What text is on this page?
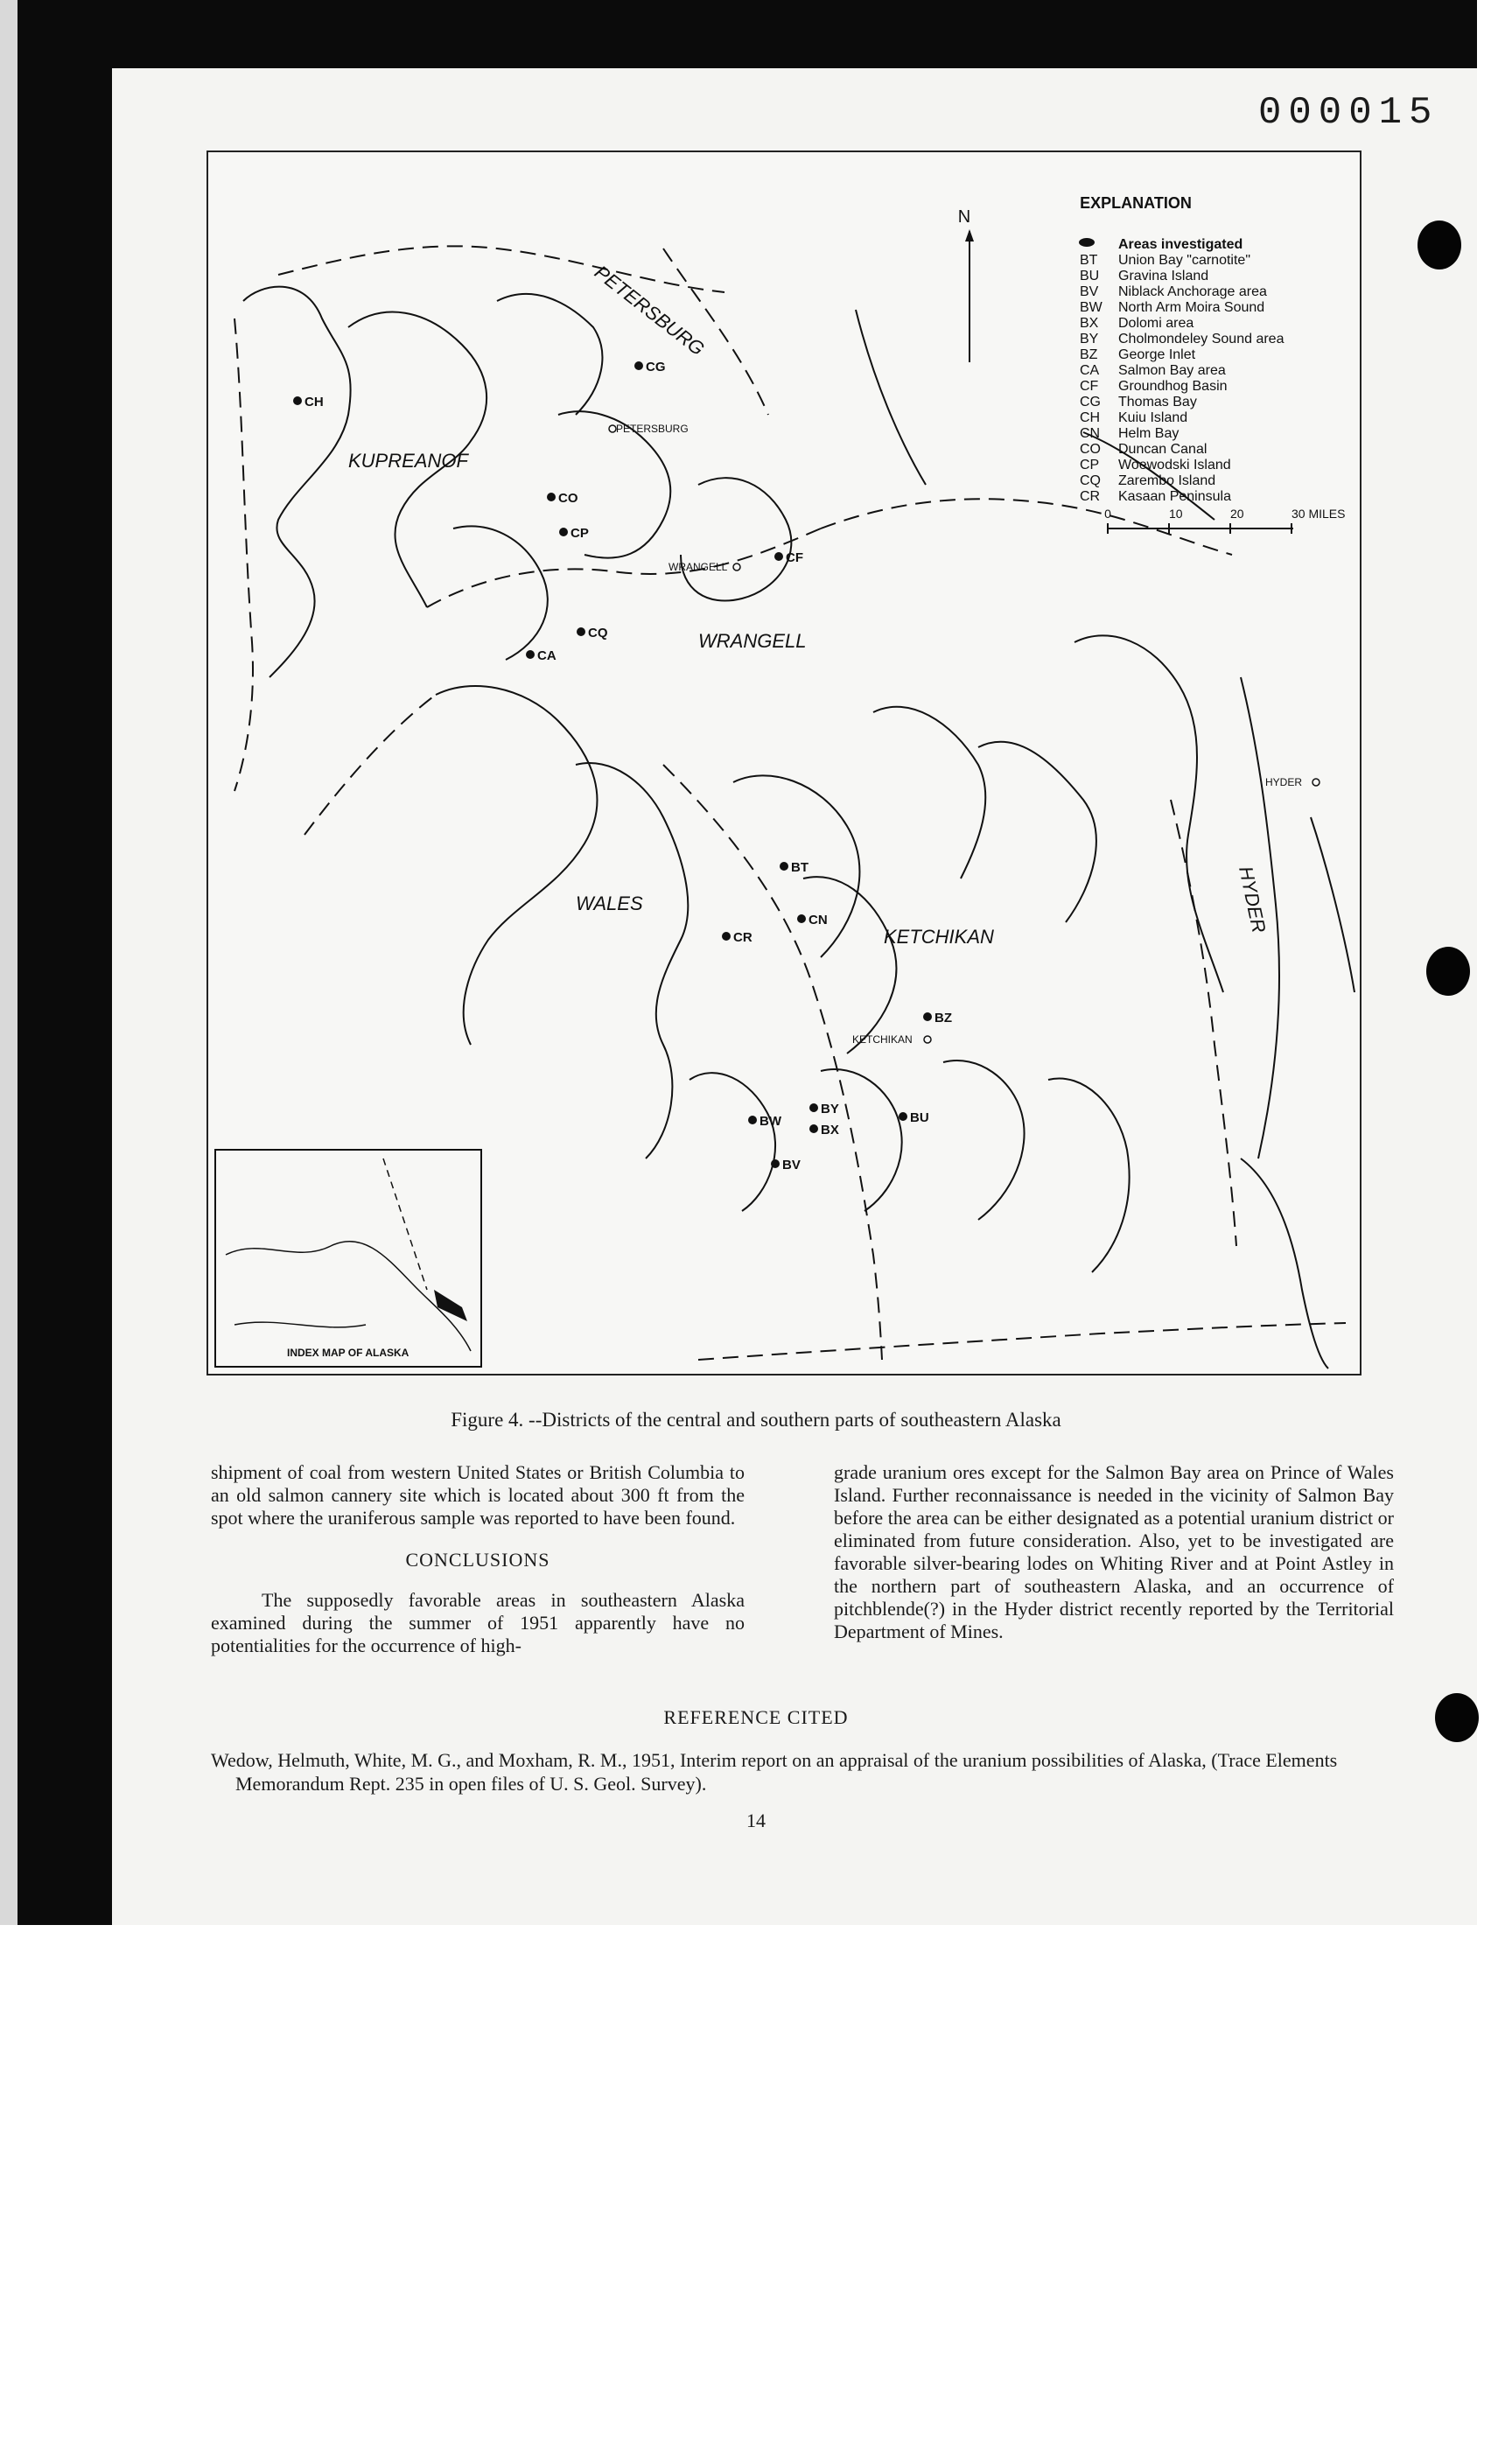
000015
INDEX MAP OF ALASKA
N
EXPLANATION
Areas investigated
BT Union Bay "carnotite"
BU Gravina Island
BV Niblack Anchorage area
BW North Arm Moira Sound
BX Dolomi area
BY Cholmondeley Sound area
BZ George Inlet
CA Salmon Bay area
CF Groundhog Basin
CG Thomas Bay
CH Kuiu Island
CN Helm Bay
CO Duncan Canal
CP Woewodski Island
CQ Zarembo Island
CR Kasaan Peninsula
0	10	20	30 MILES
PETERSBURG
KUPREANOF
WRANGELL
WALES
KETCHIKAN
HYDER
PETERSBURG
WRANGELL
KETCHIKAN
HYDER
CG
CH
CO
CP
CF
CQ
CA
BT
CN
CR
BZ
BY
BW
BX
BU
BV
Figure 4. --Districts of the central and southern parts of southeastern Alaska

shipment of coal from western United States or British Columbia to an old salmon cannery site which is located about 300 ft from the spot where the uraniferous sample was reported to have been found.

CONCLUSIONS

The supposedly favorable areas in southeastern Alaska examined during the summer of 1951 apparently have no potentialities for the occurrence of high-

grade uranium ores except for the Salmon Bay area on Prince of Wales Island. Further reconnaissance is needed in the vicinity of Salmon Bay before the area can be either designated as a potential uranium district or eliminated from future consideration. Also, yet to be investigated are favorable silver-bearing lodes on Whiting River and at Point Astley in the northern part of southeastern Alaska, and an occurrence of pitchblende(?) in the Hyder district recently reported by the Territorial Department of Mines.

REFERENCE CITED
Wedow, Helmuth, White, M. G., and Moxham, R. M., 1951, Interim report on an appraisal of the uranium possibilities of Alaska, (Trace Elements Memorandum Rept. 235 in open files of U. S. Geol. Survey).
14
